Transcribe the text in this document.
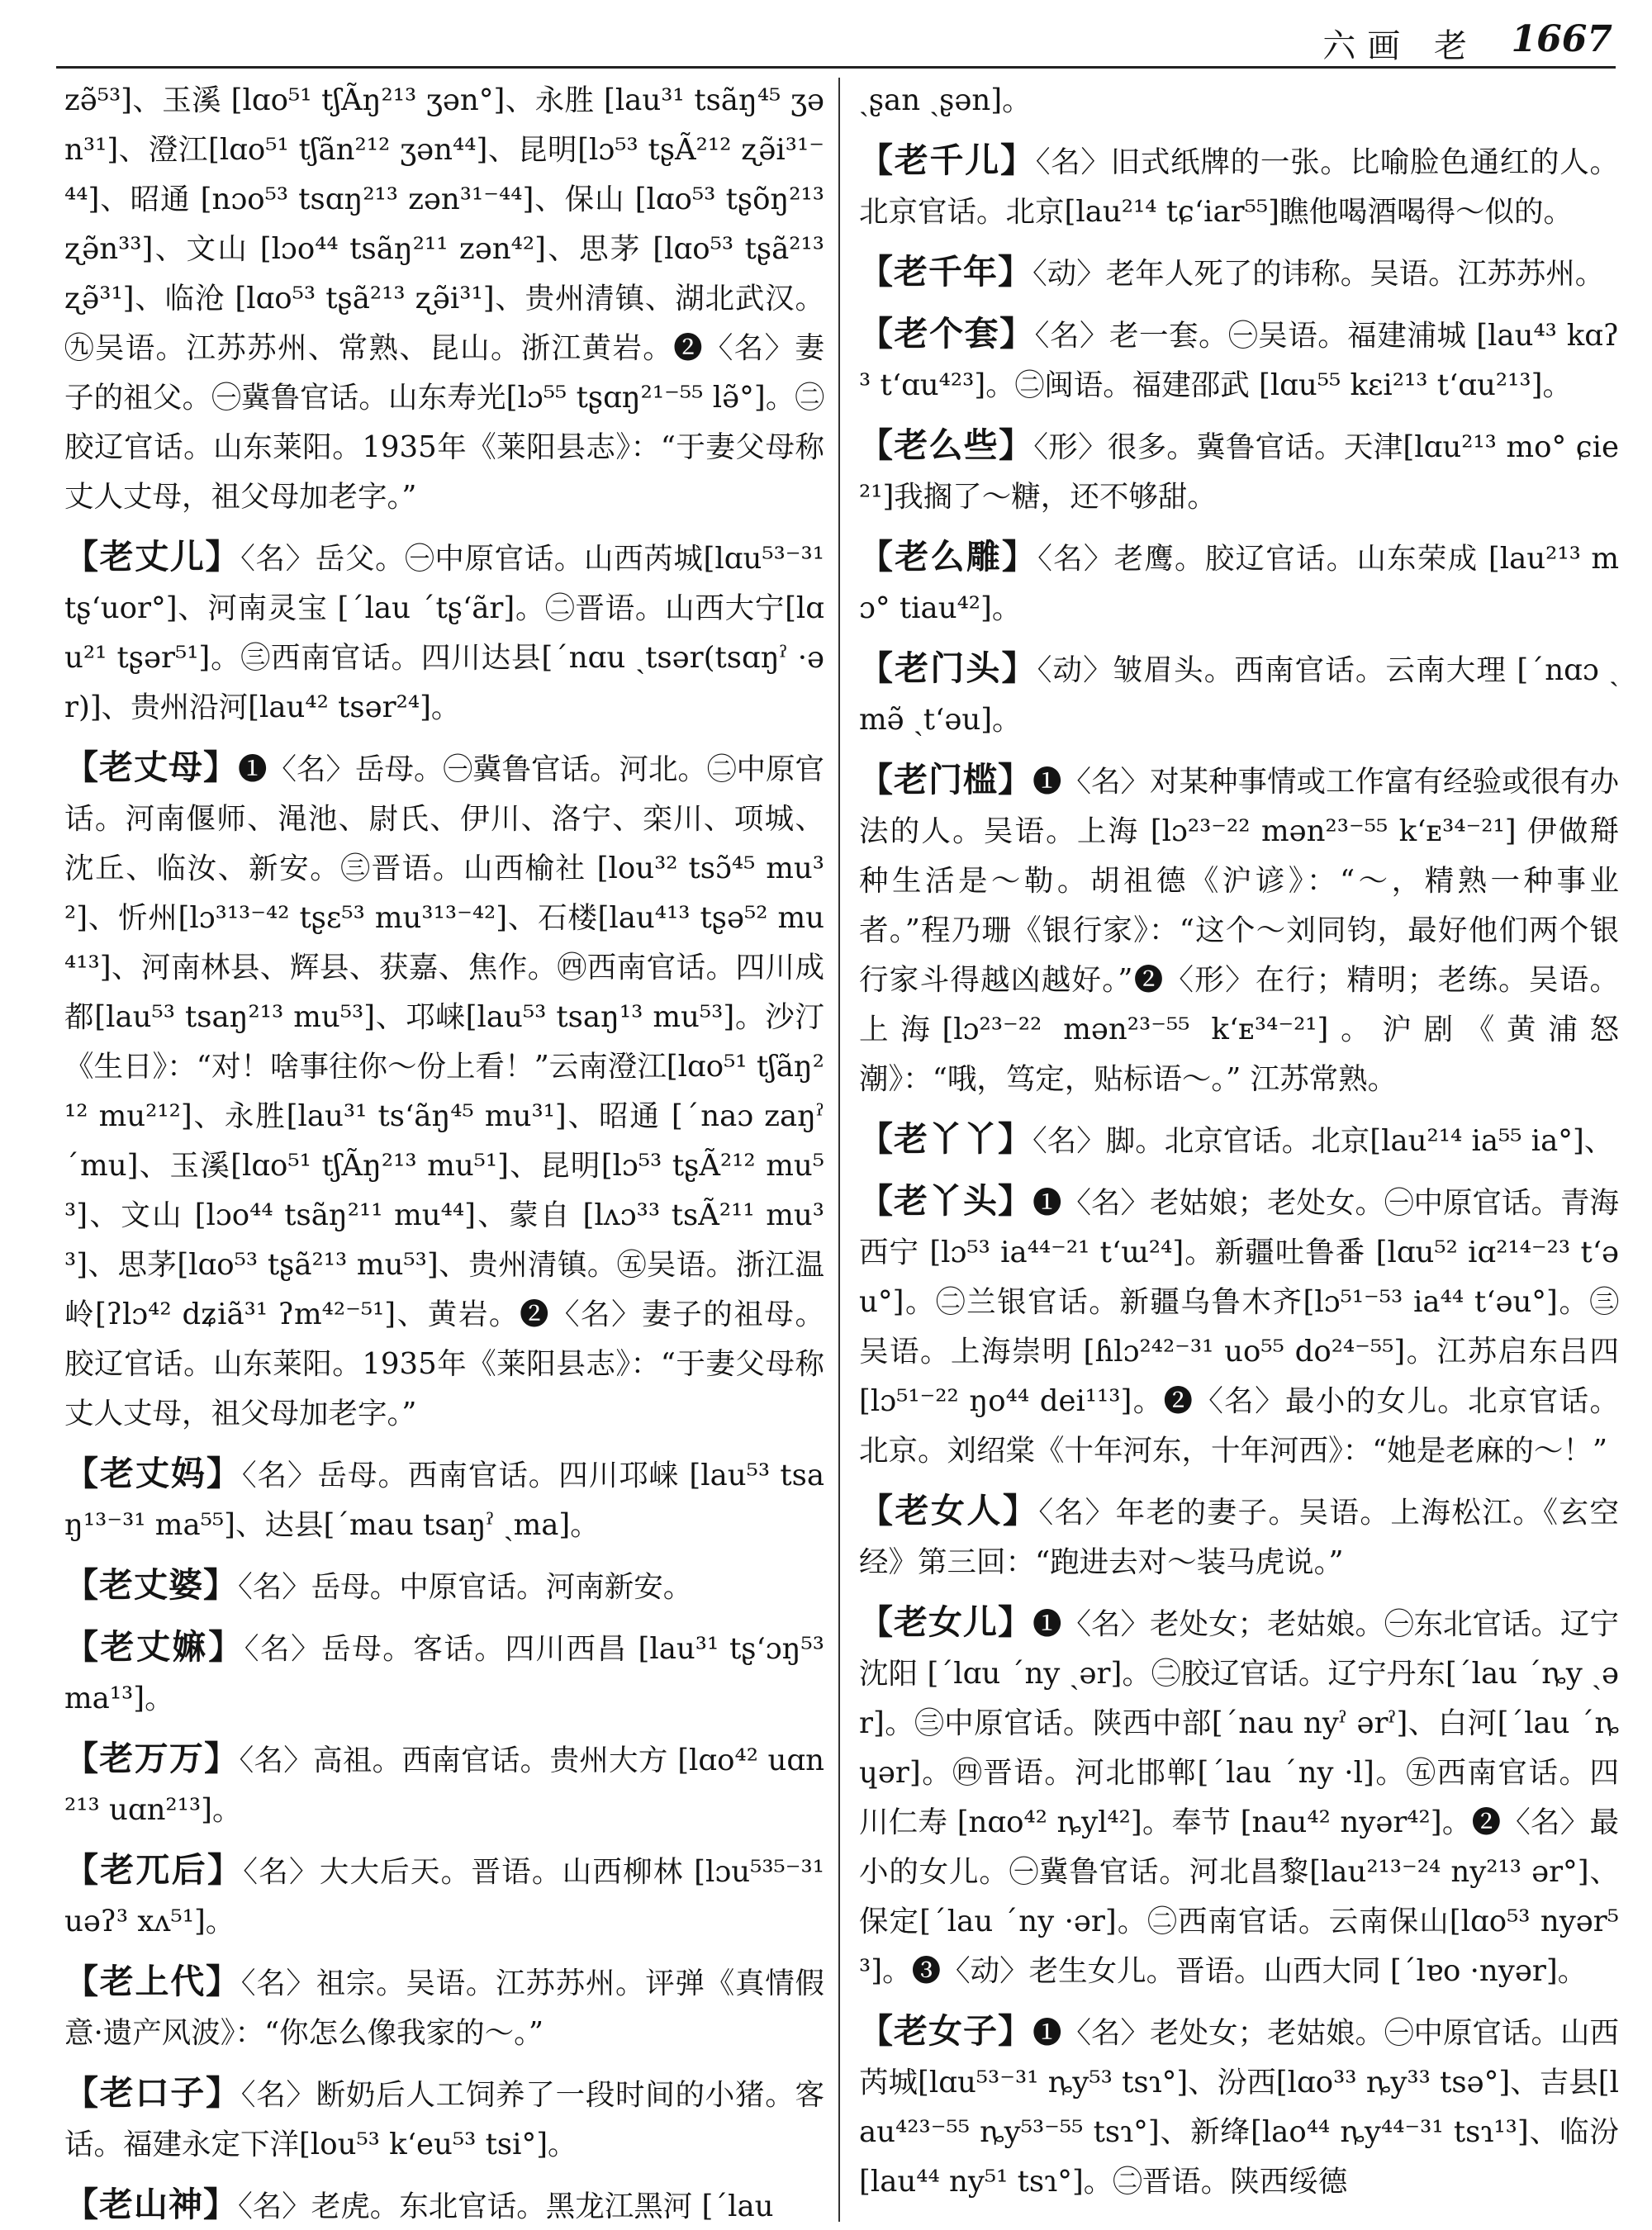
六画 老 1667

zə̃⁵³]、玉溪 [lɑo⁵¹ tʃÃŋ²¹³ ʒən°]、永胜 [lau³¹ tsãŋ⁴⁵ ʒən³¹]、澄江[lɑo⁵¹ tʃãn²¹² ʒən⁴⁴]、昆明[lɔ⁵³ tʂÃ²¹² ʐə̃i³¹⁻⁴⁴]、昭通 [nɔo⁵³ tsɑŋ²¹³ zən³¹⁻⁴⁴]、保山 [lɑo⁵³ tʂõŋ²¹³ ʐə̃n³³]、文山 [lɔo⁴⁴ tsãŋ²¹¹ zən⁴²]、思茅 [lɑo⁵³ tʂã²¹³ ʐə̃³¹]、临沧 [lɑo⁵³ tʂã²¹³ ʐə̃i³¹]、贵州清镇、湖北武汉。㊈吴语。江苏苏州、常熟、昆山。浙江黄岩。❷〈名〉妻子的祖父。㊀冀鲁官话。山东寿光[lɔ⁵⁵ tʂɑŋ²¹⁻⁵⁵ lə̃°]。㊁胶辽官话。山东莱阳。1935年《莱阳县志》：“于妻父母称丈人丈母，祖父母加老字。”

【老丈儿】〈名〉岳父。㊀中原官话。山西芮城[lɑu⁵³⁻³¹ tʂʻuor°]、河南灵宝 [ˊlau ˊtʂʻãr]。㊁晋语。山西大宁[lɑu²¹ tʂər⁵¹]。㊂西南官话。四川达县[ˊnɑu ˏtsər(tsɑŋˀ ·ər)]、贵州沿河[lau⁴² tsər²⁴]。

【老丈母】❶〈名〉岳母。㊀冀鲁官话。河北。㊁中原官话。河南偃师、渑池、尉氏、伊川、洛宁、栾川、项城、沈丘、临汝、新安。㊂晋语。山西榆社 [lou³² tsɔ̃⁴⁵ mu³²]、忻州[lɔ³¹³⁻⁴² tʂɛ⁵³ mu³¹³⁻⁴²]、石楼[lau⁴¹³ tʂə⁵² mu⁴¹³]、河南林县、辉县、获嘉、焦作。㊃西南官话。四川成都[lau⁵³ tsaŋ²¹³ mu⁵³]、邛崃[lau⁵³ tsaŋ¹³ mu⁵³]。沙汀《生日》：“对！啥事往你～份上看！”云南澄江[lɑo⁵¹ tʃãŋ²¹² mu²¹²]、永胜[lau³¹ tsʻãŋ⁴⁵ mu³¹]、昭通 [ˊnaɔ zaŋˀ ˊmu]、玉溪[lɑo⁵¹ tʃÃŋ²¹³ mu⁵¹]、昆明[lɔ⁵³ tʂÃ²¹² mu⁵³]、文山 [lɔo⁴⁴ tsãŋ²¹¹ mu⁴⁴]、蒙自 [lʌɔ³³ tsÃ²¹¹ mu³³]、思茅[lɑo⁵³ tʂã²¹³ mu⁵³]、贵州清镇。㊄吴语。浙江温岭[ʔlɔ⁴² dʑiã³¹ ʔm⁴²⁻⁵¹]、黄岩。❷〈名〉妻子的祖母。胶辽官话。山东莱阳。1935年《莱阳县志》：“于妻父母称丈人丈母，祖父母加老字。”

【老丈妈】〈名〉岳母。西南官话。四川邛崃 [lau⁵³ tsaŋ¹³⁻³¹ ma⁵⁵]、达县[ˊmau tsaŋˀ ˏma]。

【老丈婆】〈名〉岳母。中原官话。河南新安。

【老丈嫲】〈名〉岳母。客话。四川西昌 [lau³¹ tʂʻɔŋ⁵³ ma¹³]。

【老万万】〈名〉高祖。西南官话。贵州大方 [lɑo⁴² uɑn²¹³ uɑn²¹³]。

【老兀后】〈名〉大大后天。晋语。山西柳林 [lɔu⁵³⁵⁻³¹ uəʔ³ xʌ⁵¹]。

【老上代】〈名〉祖宗。吴语。江苏苏州。评弹《真情假意·遗产风波》：“你怎么像我家的～。”

【老口子】〈名〉断奶后人工饲养了一段时间的小猪。客话。福建永定下洋[lou⁵³ kʻeu⁵³ tsi°]。

【老山神】〈名〉老虎。东北官话。黑龙江黑河 [ˊlau

ˏʂan ˏʂən]。

【老千儿】〈名〉旧式纸牌的一张。比喻脸色通红的人。北京官话。北京[lau²¹⁴ tɕʻiar⁵⁵]瞧他喝酒喝得～似的。

【老千年】〈动〉老年人死了的讳称。吴语。江苏苏州。

【老个套】〈名〉老一套。㊀吴语。福建浦城 [lau⁴³ kɑʔ³ tʻɑu⁴²³]。㊁闽语。福建邵武 [lɑu⁵⁵ kɛi²¹³ tʻɑu²¹³]。

【老么些】〈形〉很多。冀鲁官话。天津[lɑu²¹³ mo° ɕie²¹]我搁了～糖，还不够甜。

【老么雕】〈名〉老鹰。胶辽官话。山东荣成 [lau²¹³ mɔ° tiau⁴²]。

【老门头】〈动〉皱眉头。西南官话。云南大理 [ˊnɑɔ ˏmə̃ ˏtʻəu]。

【老门槛】❶〈名〉对某种事情或工作富有经验或很有办法的人。吴语。上海 [lɔ²³⁻²² mən²³⁻⁵⁵ kʻᴇ³⁴⁻²¹] 伊做搿种生活是～勒。胡祖德《沪谚》：“～，精熟一种事业者。”程乃珊《银行家》：“这个～刘同钧，最好他们两个银行家斗得越凶越好。”❷〈形〉在行；精明；老练。吴语。上海[lɔ²³⁻²² mən²³⁻⁵⁵ kʻᴇ³⁴⁻²¹]。沪剧《黄浦怒潮》：“哦，笃定，贴标语～。” 江苏常熟。

【老丫丫】〈名〉脚。北京官话。北京[lau²¹⁴ ia⁵⁵ ia°]、

【老丫头】❶〈名〉老姑娘；老处女。㊀中原官话。青海西宁 [lɔ⁵³ ia⁴⁴⁻²¹ tʻɯ²⁴]。新疆吐鲁番 [lɑu⁵² iɑ²¹⁴⁻²³ tʻəu°]。㊁兰银官话。新疆乌鲁木齐[lɔ⁵¹⁻⁵³ ia⁴⁴ tʻəu°]。㊂吴语。上海崇明 [ɦlɔ²⁴²⁻³¹ uo⁵⁵ do²⁴⁻⁵⁵]。江苏启东吕四 [lɔ⁵¹⁻²² ŋo⁴⁴ dei¹¹³]。❷〈名〉最小的女儿。北京官话。北京。刘绍棠《十年河东，十年河西》：“她是老麻的～！”

【老女人】〈名〉年老的妻子。吴语。上海松江。《玄空经》第三回：“跑进去对～装马虎说。”

【老女儿】❶〈名〉老处女；老姑娘。㊀东北官话。辽宁沈阳 [ˊlɑu ˊny ˏər]。㊁胶辽官话。辽宁丹东[ˊlau ˊȵy ˏər]。㊂中原官话。陕西中部[ˊnau nyˀ ərˀ]、白河[ˊlau ˊȵɥər]。㊃晋语。河北邯郸[ˊlau ˊny ·l]。㊄西南官话。四川仁寿 [nɑo⁴² ȵyl⁴²]。奉节 [nau⁴² nyər⁴²]。❷〈名〉最小的女儿。㊀冀鲁官话。河北昌黎[lau²¹³⁻²⁴ ny²¹³ ər°]、保定[ˊlau ˊny ·ər]。㊁西南官话。云南保山[lɑo⁵³ nyər⁵³]。❸〈动〉老生女儿。晋语。山西大同 [ˊlɐo ·nyər]。

【老女子】❶〈名〉老处女；老姑娘。㊀中原官话。山西芮城[lɑu⁵³⁻³¹ ȵy⁵³ tsɿ°]、汾西[lɑo³³ ȵy³³ tsə°]、吉县[lau⁴²³⁻⁵⁵ ȵy⁵³⁻⁵⁵ tsɿ°]、新绛[lao⁴⁴ ȵy⁴⁴⁻³¹ tsɿ¹³]、临汾[lau⁴⁴ ny⁵¹ tsɿ°]。㊁晋语。陕西绥德
